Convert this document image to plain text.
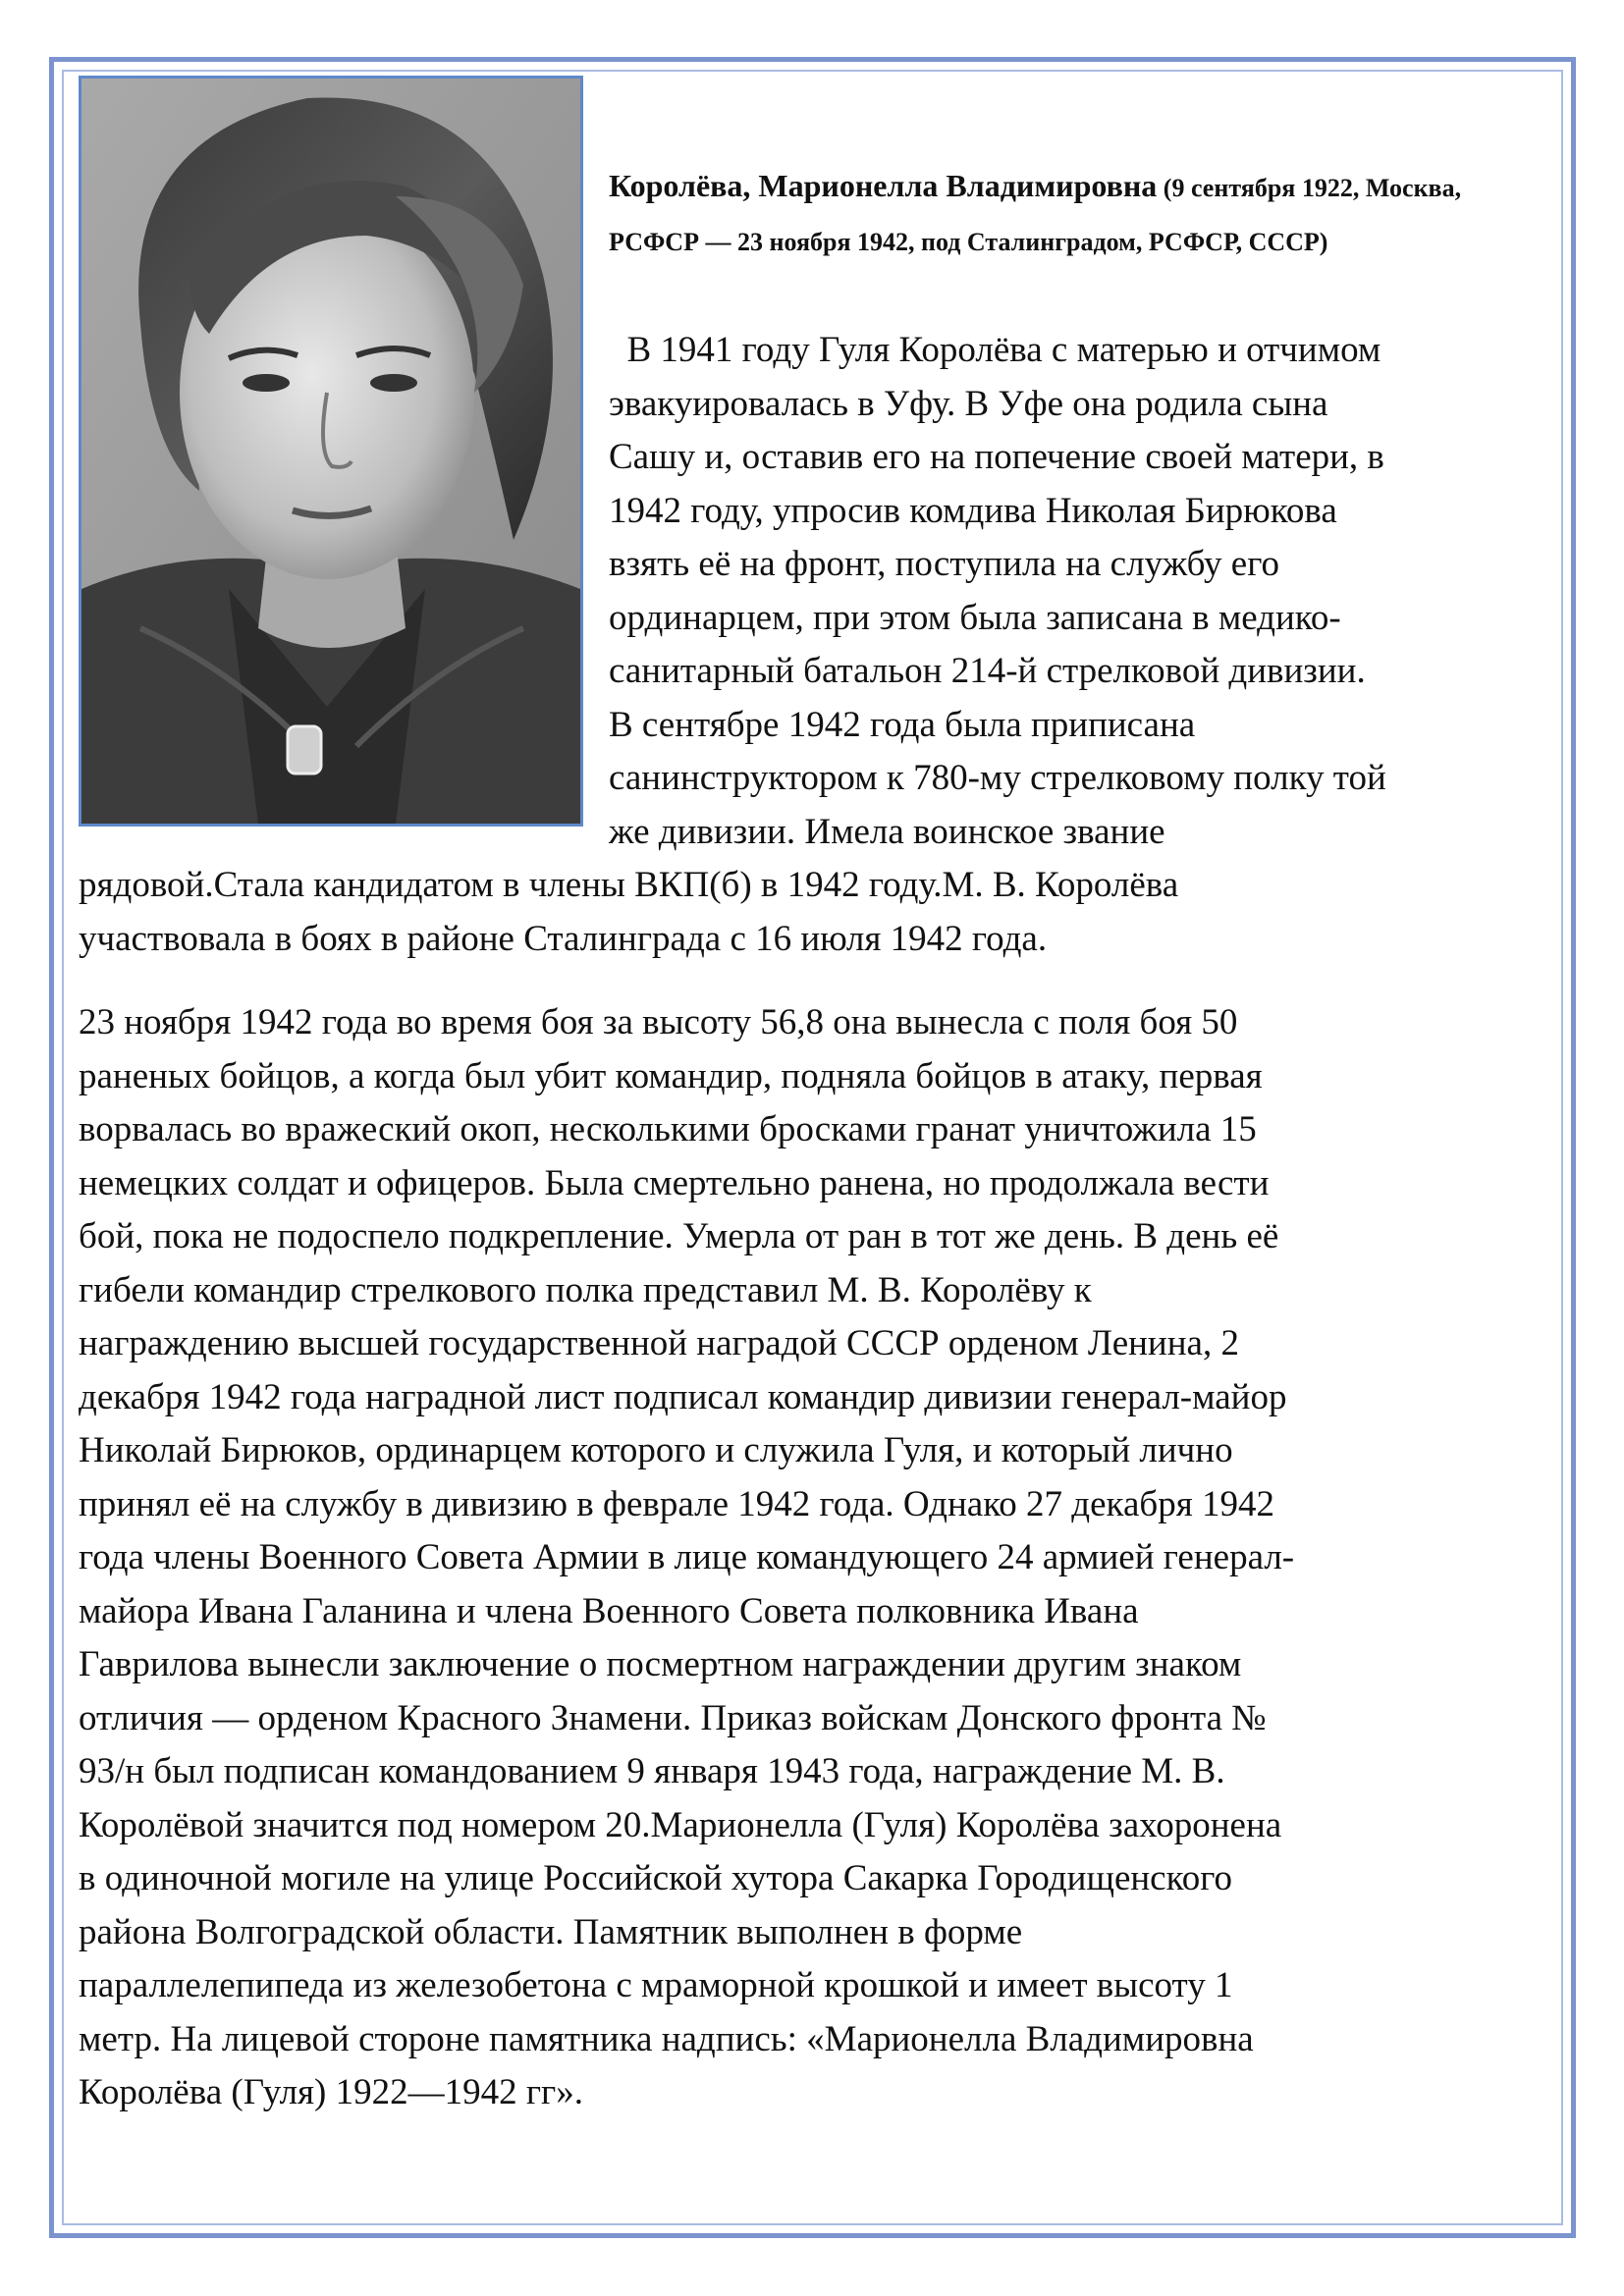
Королёва, Марионелла Владимировна (9 сентября 1922, Москва, РСФСР — 23 ноября 1942, под Сталинградом, РСФСР, СССР)

В 1941 году Гуля Королёва с матерью и отчимом

эвакуировалась в Уфу. В Уфе она родила сына

Сашу и, оставив его на попечение своей матери, в

1942 году, упросив комдива Николая Бирюкова

взять её на фронт, поступила на службу его

ординарцем, при этом была записана в медико-

санитарный батальон 214-й стрелковой дивизии.

В сентябре 1942 года была приписана

санинструктором к 780-му стрелковому полку той

же дивизии. Имела воинское звание

рядовой.Стала кандидатом в члены ВКП(б) в 1942 году.М. В. Королёва

участвовала в боях в районе Сталинграда с 16 июля 1942 года.

23 ноября 1942 года во время боя за высоту 56,8 она вынесла с поля боя 50

раненых бойцов, а когда был убит командир, подняла бойцов в атаку, первая

ворвалась во вражеский окоп, несколькими бросками гранат уничтожила 15

немецких солдат и офицеров. Была смертельно ранена, но продолжала вести

бой, пока не подоспело подкрепление. Умерла от ран в тот же день. В день её

гибели командир стрелкового полка представил М. В. Королёву к

награждению высшей государственной наградой СССР орденом Ленина, 2

декабря 1942 года наградной лист подписал командир дивизии генерал-майор

Николай Бирюков, ординарцем которого и служила Гуля, и который лично

принял её на службу в дивизию в феврале 1942 года. Однако 27 декабря 1942

года члены Военного Совета Армии в лице командующего 24 армией генерал-

майора Ивана Галанина и члена Военного Совета полковника Ивана

Гаврилова вынесли заключение о посмертном награждении другим знаком

отличия — орденом Красного Знамени. Приказ войскам Донского фронта №

93/н был подписан командованием 9 января 1943 года, награждение М. В.

Королёвой значится под номером 20.Марионелла (Гуля) Королёва захоронена

в одиночной могиле на улице Российской хутора Сакарка Городищенского

района Волгоградской области. Памятник выполнен в форме

параллелепипеда из железобетона с мраморной крошкой и имеет высоту 1

метр. На лицевой стороне памятника надпись: «Марионелла Владимировна

Королёва (Гуля) 1922—1942 гг».
